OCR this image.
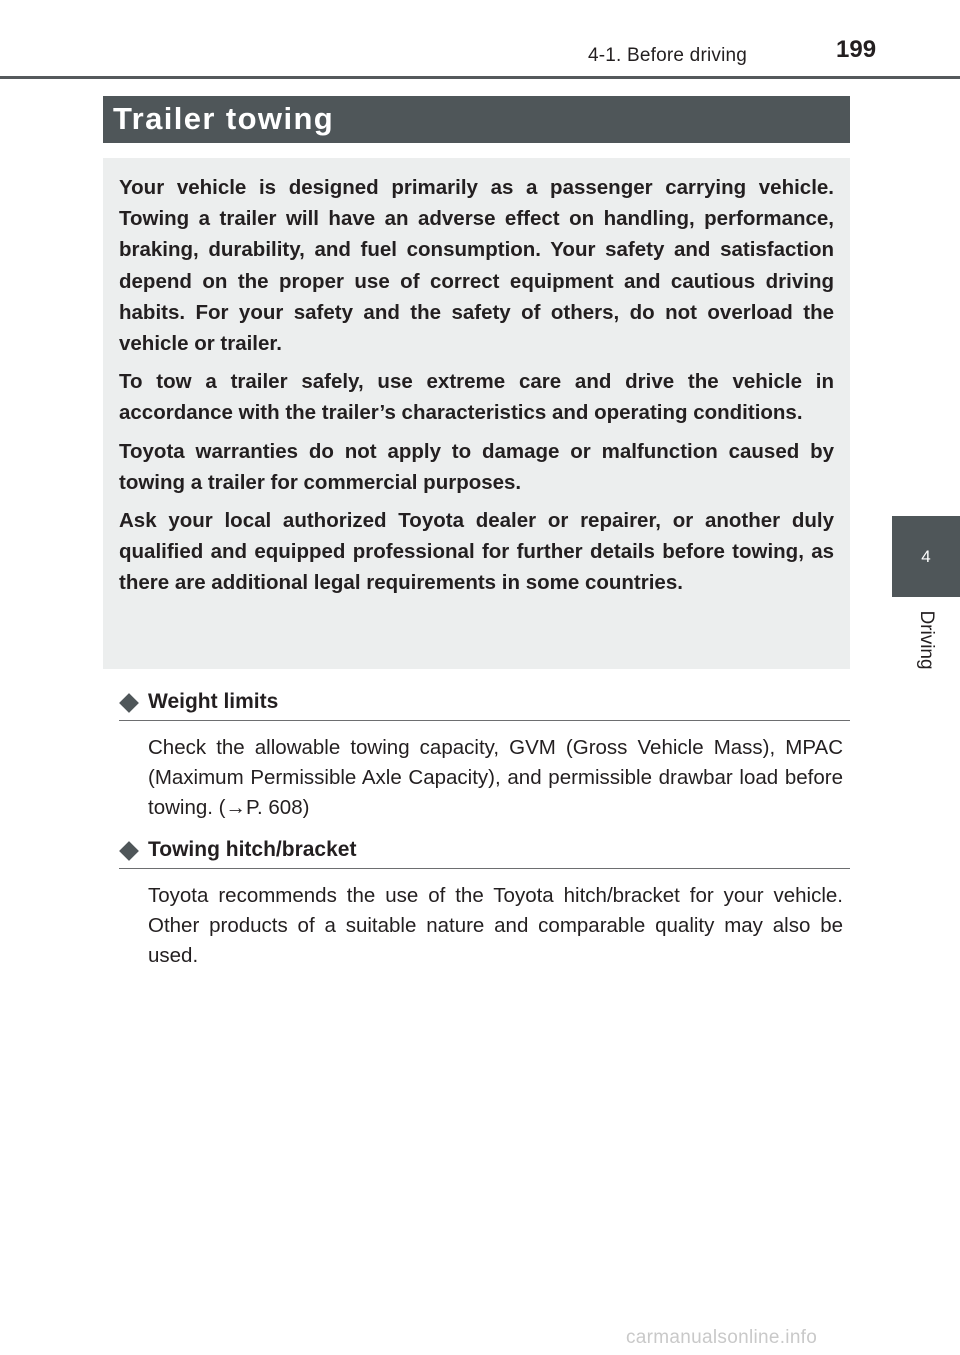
4-1. Before driving	199
4
Driving
Trailer towing

Your vehicle is designed primarily as a passenger carrying vehicle. Towing a trailer will have an adverse effect on handling, performance, braking, durability, and fuel consumption. Your safety and satisfaction depend on the proper use of correct equipment and cautious driving habits. For your safety and the safety of others, do not overload the vehicle or trailer.

To tow a trailer safely, use extreme care and drive the vehicle in accordance with the trailer’s characteristics and operating conditions.

Toyota warranties do not apply to damage or malfunction caused by towing a trailer for commercial purposes.

Ask your local authorized Toyota dealer or repairer, or another duly qualified and equipped professional for further details before towing, as there are additional legal requirements in some countries.

Weight limits
Check the allowable towing capacity, GVM (Gross Vehicle Mass), MPAC (Maximum Permissible Axle Capacity), and permissible drawbar load before towing. (→P. 608)
Towing hitch/bracket
Toyota recommends the use of the Toyota hitch/bracket for your vehicle. Other products of a suitable nature and comparable quality may also be used.
carmanualsonline.info
